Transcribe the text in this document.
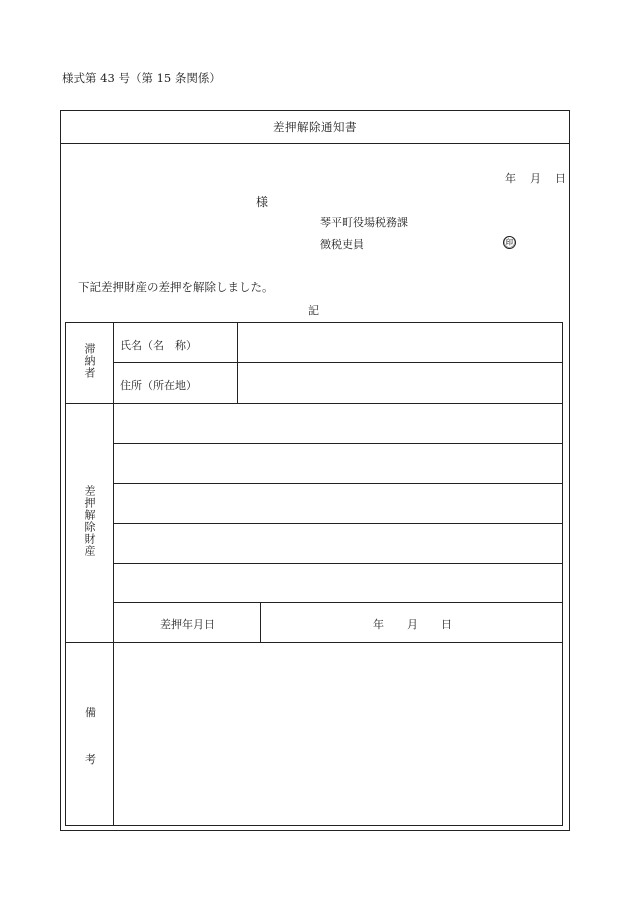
様式第 43 号（第 15 条関係）
差押解除通知書
年 月 日
様
琴平町役場税務課
徴税吏員	㊞
下記差押財産の差押を解除しました。
記
滞納者 氏名（名　称）
住所（所在地）
差押解除財産
差押年月日	年 月 日
備
考
